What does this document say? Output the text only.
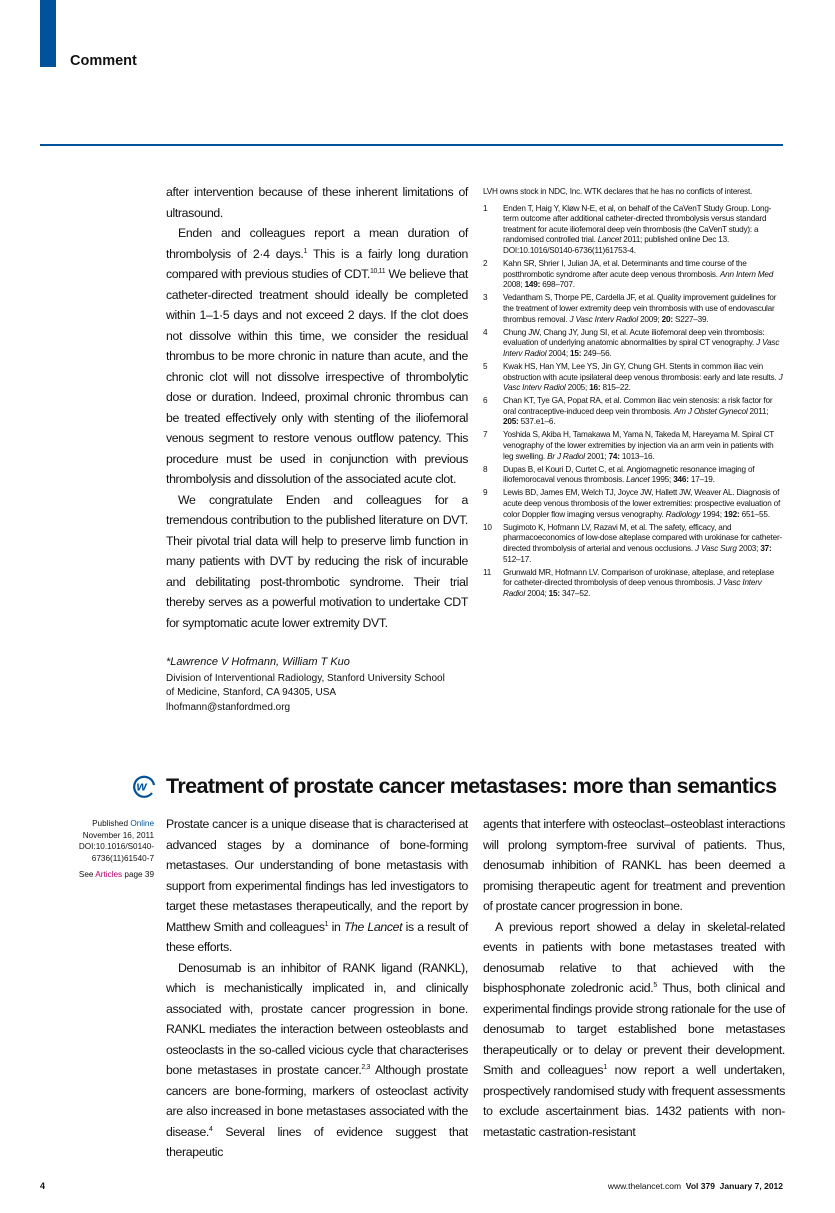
Comment

after intervention because of these inherent limitations of ultrasound.

Enden and colleagues report a mean duration of thrombolysis of 2·4 days.$^1$ This is a fairly long duration compared with previous studies of CDT.$^{10,11}$ We believe that catheter-directed treatment should ideally be completed within 1–1·5 days and not exceed 2 days. If the clot does not dissolve within this time, we consider the residual thrombus to be more chronic in nature than acute, and the chronic clot will not dissolve irrespective of thrombolytic dose or duration. Indeed, proximal chronic thrombus can be treated effectively only with stenting of the iliofemoral venous segment to restore venous outflow patency. This procedure must be used in conjunction with previous thrombolysis and dissolution of the associated acute clot.

We congratulate Enden and colleagues for a tremendous contribution to the published literature on DVT. Their pivotal trial data will help to preserve limb function in many patients with DVT by reducing the risk of incurable and debilitating post-thrombotic syndrome. Their trial thereby serves as a powerful motivation to undertake CDT for symptomatic acute lower extremity DVT.

*Lawrence V Hofmann, William T Kuo
Division of Interventional Radiology, Stanford University School
of Medicine, Stanford, CA 94305, USA
lhofmann@stanfordmed.org
LVH owns stock in NDC, Inc. WTK declares that he has no conflicts of interest.
1	Enden T, Haig Y, Kløw N-E, et al, on behalf of the CaVenT Study Group. Long-term outcome after additional catheter-directed thrombolysis versus standard treatment for acute iliofemoral deep vein thrombosis (the CaVenT study): a randomised controlled trial. Lancet 2011; published online Dec 13. DOI:10.1016/S0140-6736(11)61753-4.
2	Kahn SR, Shrier I, Julian JA, et al. Determinants and time course of the postthrombotic syndrome after acute deep venous thrombosis. Ann Intern Med 2008; 149: 698–707.
3	Vedantham S, Thorpe PE, Cardella JF, et al. Quality improvement guidelines for the treatment of lower extremity deep vein thrombosis with use of endovascular thrombus removal. J Vasc Interv Radiol 2009; 20: S227–39.
4	Chung JW, Chang JY, Jung SI, et al. Acute iliofemoral deep vein thrombosis: evaluation of underlying anatomic abnormalities by spiral CT venography. J Vasc Interv Radiol 2004; 15: 249–56.
5	Kwak HS, Han YM, Lee YS, Jin GY, Chung GH. Stents in common iliac vein obstruction with acute ipsilateral deep venous thrombosis: early and late results. J Vasc Interv Radiol 2005; 16: 815–22.
6	Chan KT, Tye GA, Popat RA, et al. Common iliac vein stenosis: a risk factor for oral contraceptive-induced deep vein thrombosis. Am J Obstet Gynecol 2011; 205: 537.e1–6.
7	Yoshida S, Akiba H, Tamakawa M, Yama N, Takeda M, Hareyama M. Spiral CT venography of the lower extremities by injection via an arm vein in patients with leg swelling. Br J Radiol 2001; 74: 1013–16.
8	Dupas B, el Kouri D, Curtet C, et al. Angiomagnetic resonance imaging of iliofemorocaval venous thrombosis. Lancet 1995; 346: 17–19.
9	Lewis BD, James EM, Welch TJ, Joyce JW, Hallett JW, Weaver AL. Diagnosis of acute deep venous thrombosis of the lower extremities: prospective evaluation of color Doppler flow imaging versus venography. Radiology 1994; 192: 651–55.
10	Sugimoto K, Hofmann LV, Razavi M, et al. The safety, efficacy, and pharmacoeconomics of low-dose alteplase compared with urokinase for catheter-directed thrombolysis of arterial and venous occlusions. J Vasc Surg 2003; 37: 512–17.
11	Grunwald MR, Hofmann LV. Comparison of urokinase, alteplase, and reteplase for catheter-directed thrombolysis of deep venous thrombosis. J Vasc Interv Radiol 2004; 15: 347–52.
w Treatment of prostate cancer metastases: more than semantics
Published Online
November 16, 2011
DOI:10.1016/S0140-
6736(11)61540-7
See Articles page 39

Prostate cancer is a unique disease that is characterised at advanced stages by a dominance of bone-forming metastases. Our understanding of bone metastasis with support from experimental findings has led investigators to target these metastases therapeutically, and the report by Matthew Smith and colleagues$^1$ in The Lancet is a result of these efforts.

Denosumab is an inhibitor of RANK ligand (RANKL), which is mechanistically implicated in, and clinically associated with, prostate cancer progression in bone. RANKL mediates the interaction between osteoblasts and osteoclasts in the so-called vicious cycle that characterises bone metastases in prostate cancer.$^{2,3}$ Although prostate cancers are bone-forming, markers of osteoclast activity are also increased in bone metastases associated with the disease.$^4$ Several lines of evidence suggest that therapeutic

agents that interfere with osteoclast–osteoblast interactions will prolong symptom-free survival of patients. Thus, denosumab inhibition of RANKL has been deemed a promising therapeutic agent for treatment and prevention of prostate cancer progression in bone.

A previous report showed a delay in skeletal-related events in patients with bone metastases treated with denosumab relative to that achieved with the bisphosphonate zoledronic acid.$^5$ Thus, both clinical and experimental findings provide strong rationale for the use of denosumab to target established bone metastases therapeutically or to delay or prevent their development. Smith and colleagues$^1$ now report a well undertaken, prospectively randomised study with frequent assessments to exclude ascertainment bias. 1432 patients with non-metastatic castration-resistant

4	www.thelancet.com Vol 379 January 7, 2012
